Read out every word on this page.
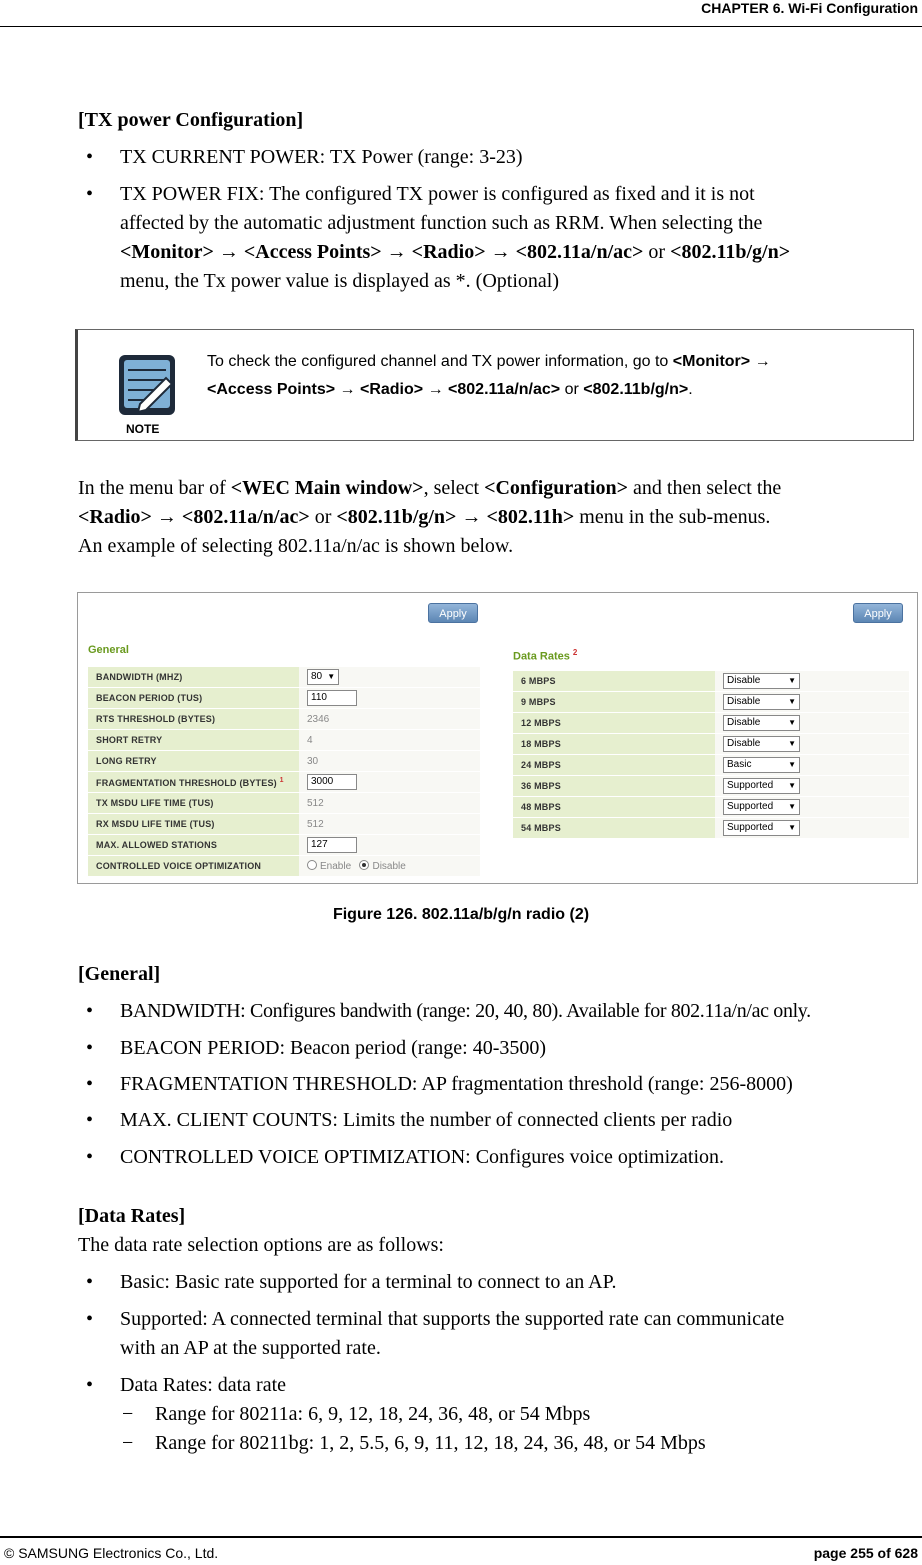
CHAPTER 6. Wi-Fi Configuration
[TX power Configuration]
• TX CURRENT POWER: TX Power (range: 3-23)
• TX POWER FIX: The configured TX power is configured as fixed and it is not
affected by the automatic adjustment function such as RRM. When selecting the
<Monitor> → <Access Points> → <Radio> → <802.11a/n/ac> or <802.11b/g/n>
menu, the Tx power value is displayed as *. (Optional)
NOTE
To check the configured channel and TX power information, go to <Monitor> →
<Access Points> → <Radio> → <802.11a/n/ac> or <802.11b/g/n>.
In the menu bar of <WEC Main window>, select <Configuration> and then select the
<Radio> → <802.11a/n/ac> or <802.11b/g/n> → <802.11h> menu in the sub-menus.
An example of selecting 802.11a/n/ac is shown below.
Apply	Apply
General
BANDWIDTH (MHZ)	80 ▼

BEACON PERIOD (TUS)	110
RTS THRESHOLD (BYTES)	2346
SHORT RETRY	4
LONG RETRY	30
FRAGMENTATION THRESHOLD (BYTES) $^1$	3000
TX MSDU LIFE TIME (TUS)	512
RX MSDU LIFE TIME (TUS)	512
MAX. ALLOWED STATIONS	127
CONTROLLED VOICE OPTIMIZATION	Enable Disable
Data Rates $^2$
6 MBPS	Disable ▼

9 MBPS	Disable ▼

12 MBPS	Disable ▼

18 MBPS	Disable ▼

24 MBPS	Basic ▼

36 MBPS	Supported ▼

48 MBPS	Supported ▼

54 MBPS	Supported ▼
Figure 126. 802.11a/b/g/n radio (2)
[General]
• BANDWIDTH: Configures bandwith (range: 20, 40, 80). Available for 802.11a/n/ac only.
• BEACON PERIOD: Beacon period (range: 40-3500)
• FRAGMENTATION THRESHOLD: AP fragmentation threshold (range: 256-8000)
• MAX. CLIENT COUNTS: Limits the number of connected clients per radio
• CONTROLLED VOICE OPTIMIZATION: Configures voice optimization.
[Data Rates]
The data rate selection options are as follows:
• Basic: Basic rate supported for a terminal to connect to an AP.
• Supported: A connected terminal that supports the supported rate can communicate
with an AP at the supported rate.
• Data Rates: data rate
− Range for 80211a: 6, 9, 12, 18, 24, 36, 48, or 54 Mbps
− Range for 80211bg: 1, 2, 5.5, 6, 9, 11, 12, 18, 24, 36, 48, or 54 Mbps
© SAMSUNG Electronics Co., Ltd.	page 255 of 628
